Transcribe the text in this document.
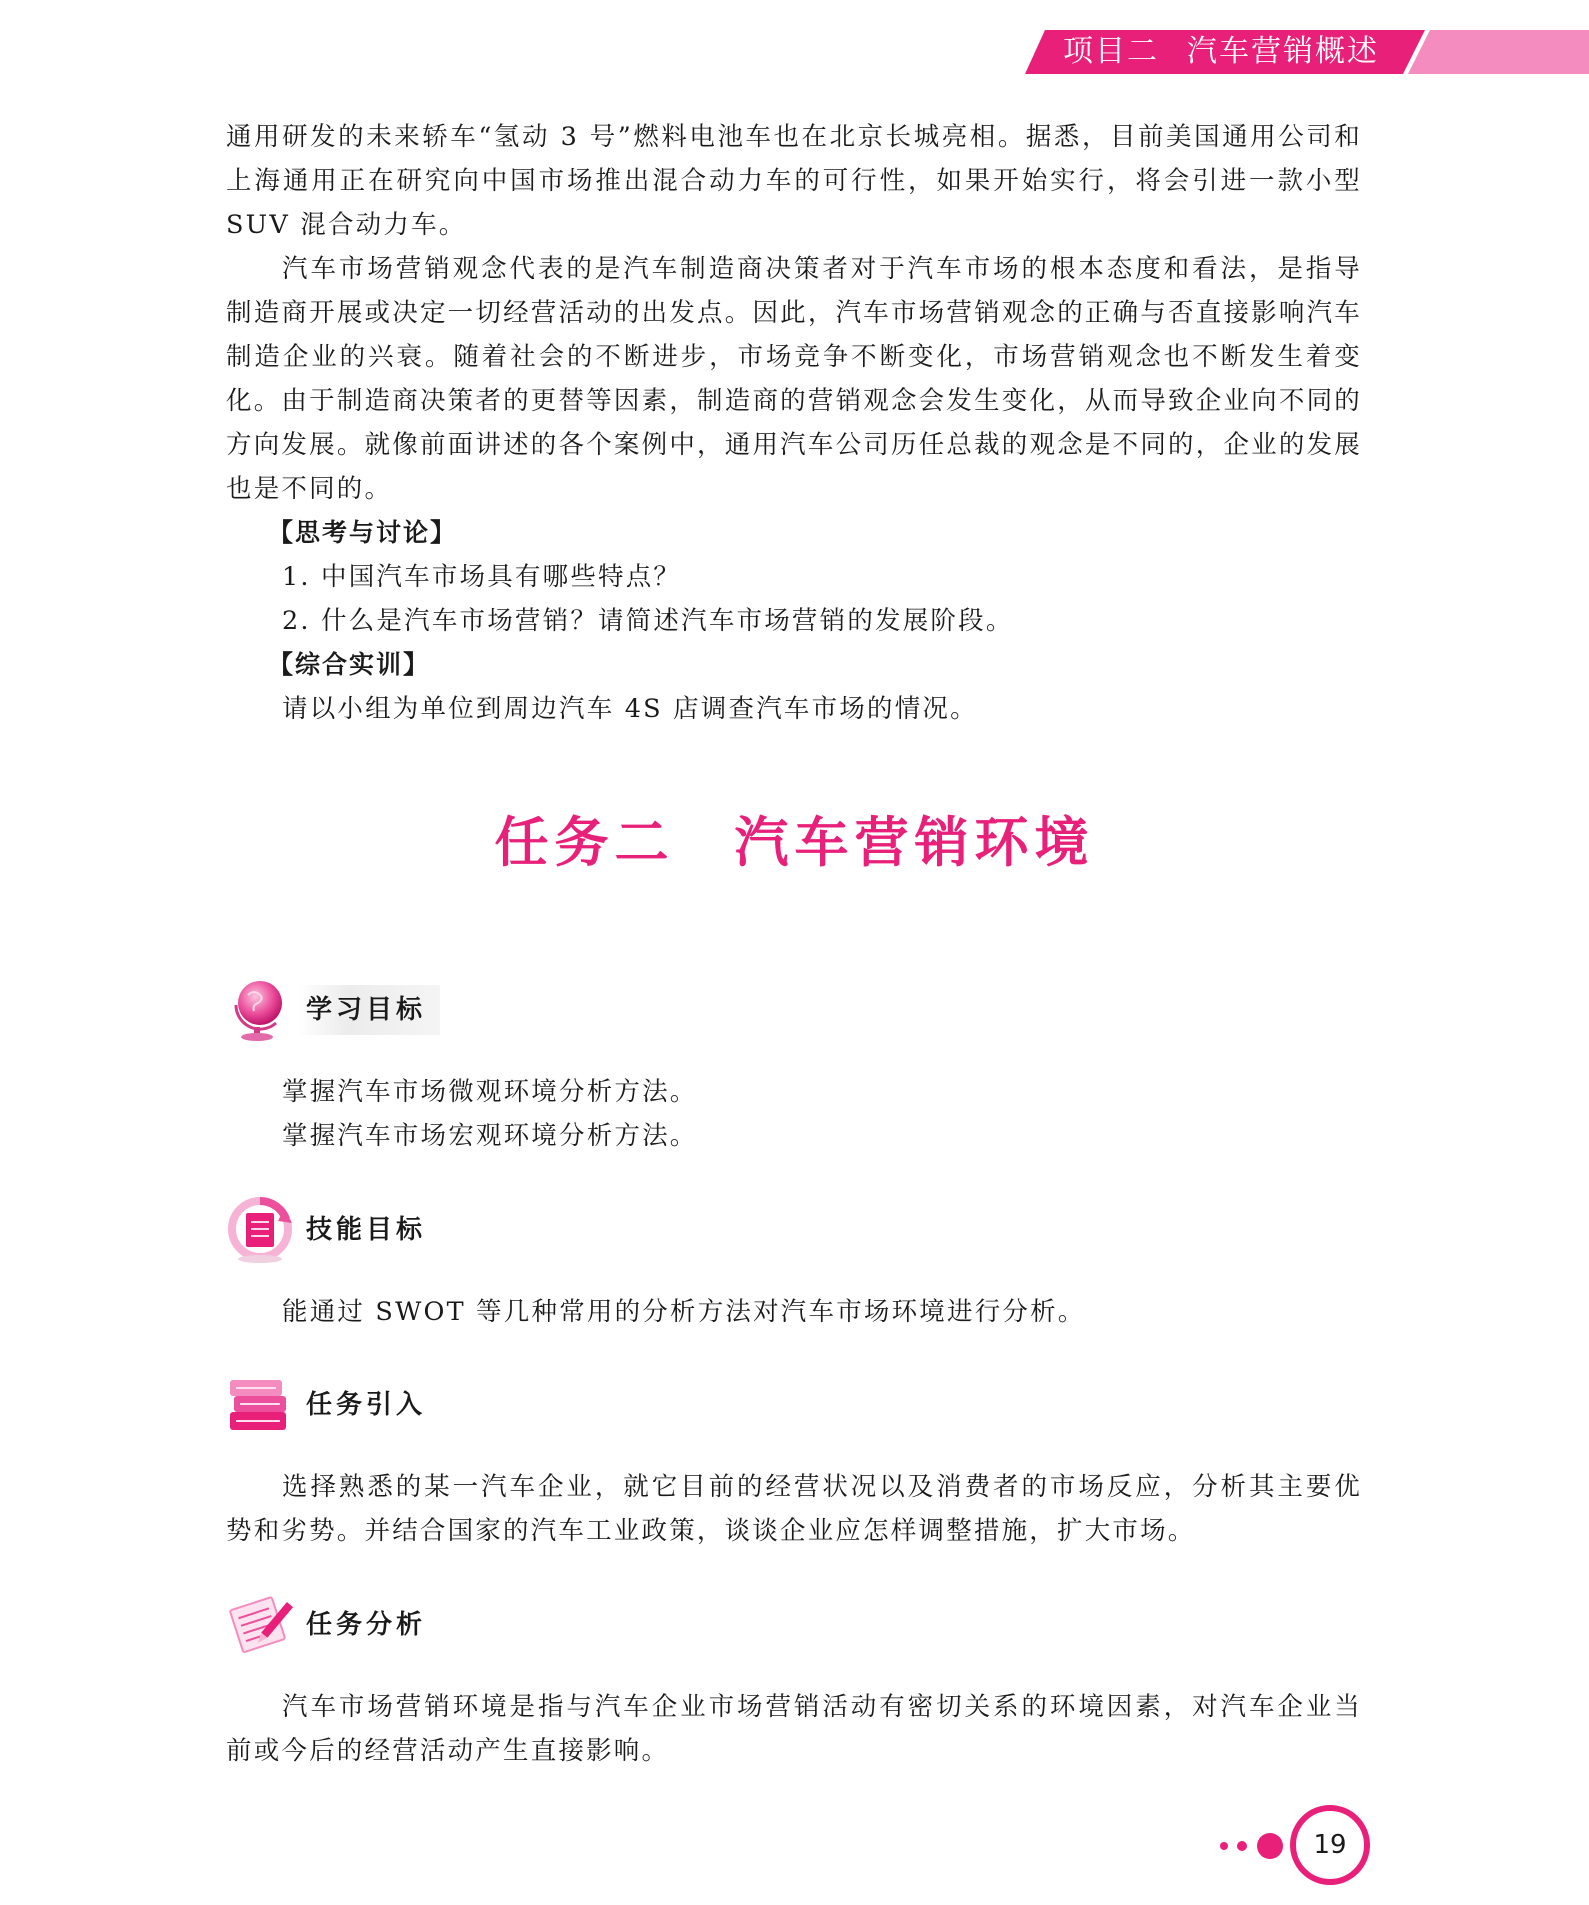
项目二 汽车营销概述

通用研发的未来轿车“氢动 3 号”燃料电池车也在北京长城亮相。据悉，目前美国通用公司和上海通用正在研究向中国市场推出混合动力车的可行性，如果开始实行，将会引进一款小型 SUV 混合动力车。

汽车市场营销观念代表的是汽车制造商决策者对于汽车市场的根本态度和看法，是指导制造商开展或决定一切经营活动的出发点。因此，汽车市场营销观念的正确与否直接影响汽车制造企业的兴衰。随着社会的不断进步，市场竞争不断变化，市场营销观念也不断发生着变化。由于制造商决策者的更替等因素，制造商的营销观念会发生变化，从而导致企业向不同的方向发展。就像前面讲述的各个案例中，通用汽车公司历任总裁的观念是不同的，企业的发展也是不同的。

【思考与讨论】

1. 中国汽车市场具有哪些特点？

2. 什么是汽车市场营销？请简述汽车市场营销的发展阶段。

【综合实训】

请以小组为单位到周边汽车 4S 店调查汽车市场的情况。

任务二 汽车营销环境
学习目标

掌握汽车市场微观环境分析方法。

掌握汽车市场宏观环境分析方法。

技能目标

能通过 SWOT 等几种常用的分析方法对汽车市场环境进行分析。

任务引入

选择熟悉的某一汽车企业，就它目前的经营状况以及消费者的市场反应，分析其主要优势和劣势。并结合国家的汽车工业政策，谈谈企业应怎样调整措施，扩大市场。

任务分析

汽车市场营销环境是指与汽车企业市场营销活动有密切关系的环境因素，对汽车企业当前或今后的经营活动产生直接影响。

19
